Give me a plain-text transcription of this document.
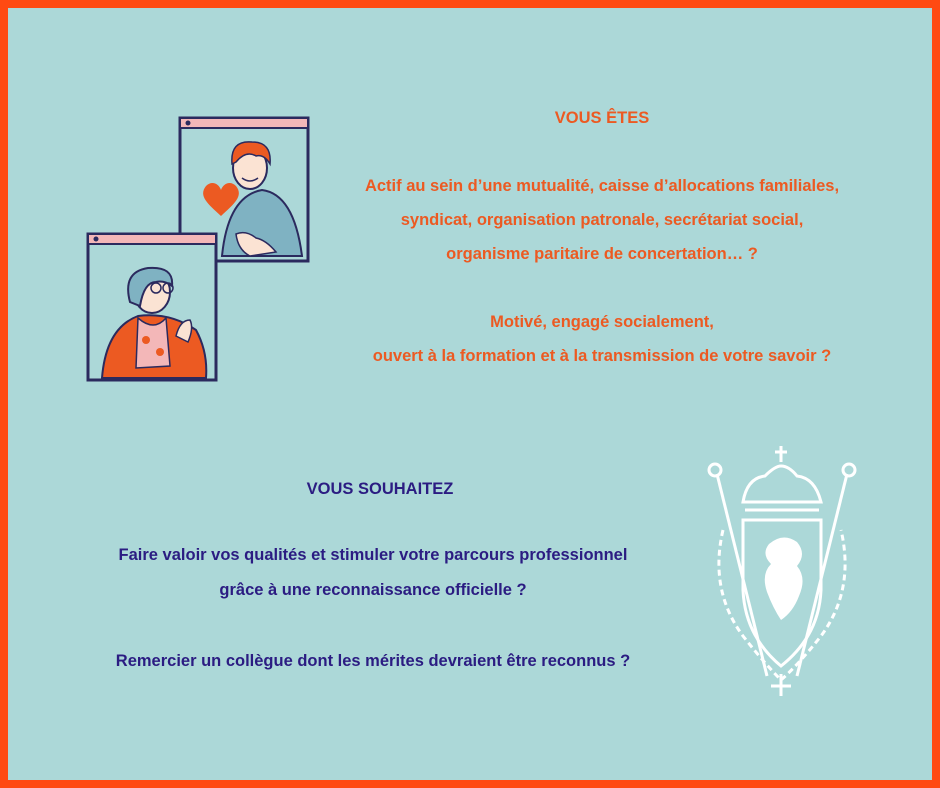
VOUS ÊTES
Actif au sein d’une mutualité, caisse d’allocations familiales,
syndicat, organisation patronale, secrétariat social,
organisme paritaire de concertation… ?
Motivé, engagé socialement,
ouvert à la formation et à la transmission de votre savoir ?
VOUS SOUHAITEZ
Faire valoir vos qualités et stimuler votre parcours professionnel
grâce à une reconnaissance officielle ?
Remercier un collègue dont les mérites devraient être reconnus ?
